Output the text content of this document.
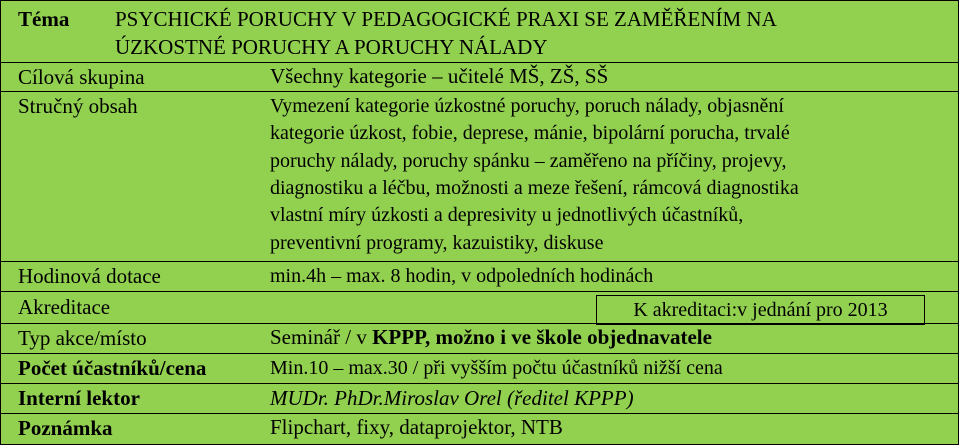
Téma PSYCHICKÉ PORUCHY V PEDAGOGICKÉ PRAXI SE ZAMĚŘENÍM NA
ÚZKOSTNÉ PORUCHY A PORUCHY NÁLADY
Cílová skupina	Všechny kategorie – učitelé MŠ, ZŠ, SŠ
Stručný obsah	Vymezení kategorie úzkostné poruchy, poruch nálady, objasnění
kategorie úzkost, fobie, deprese, mánie, bipolární porucha, trvalé
poruchy nálady, poruchy spánku – zaměřeno na příčiny, projevy,
diagnostiku a léčbu, možnosti a meze řešení, rámcová diagnostika
vlastní míry úzkosti a depresivity u jednotlivých účastníků,
preventivní programy, kazuistiky, diskuse
Hodinová dotace	min.4h – max. 8 hodin, v odpoledních hodinách
Akreditace	K akreditaci:v jednání pro 2013
Typ akce/místo	Seminář / v KPPP, možno i ve škole objednavatele
Počet účastníků/cena	Min.10 – max.30 / při vyšším počtu účastníků nižší cena
Interní lektor	MUDr. PhDr.Miroslav Orel (ředitel KPPP)
Poznámka	Flipchart, fixy, dataprojektor, NTB
